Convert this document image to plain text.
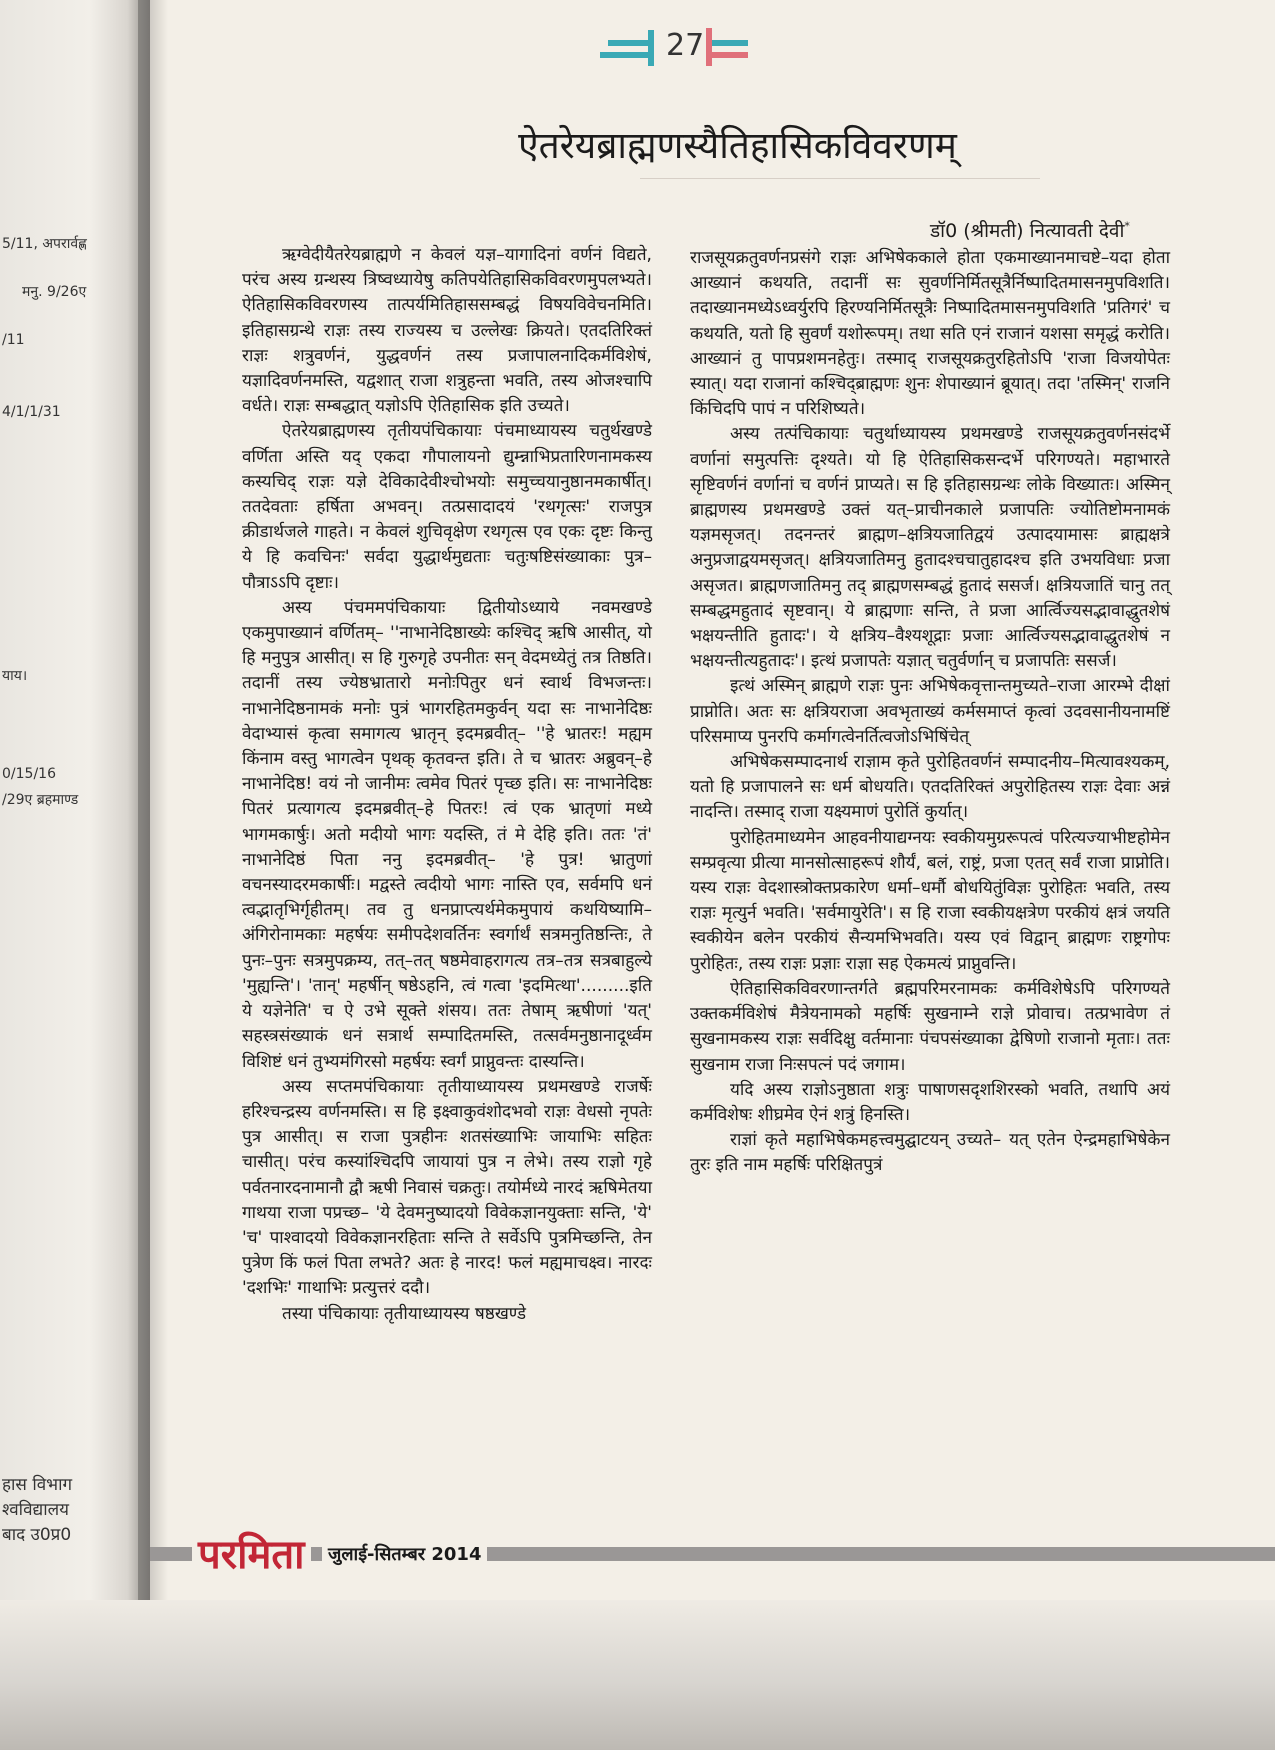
5/11, अपरार्वह्ण
मनु. 9/26ए
/11
4/1/1/31
याय।
0/15/16
/29ए ब्रहमाण्ड
हास विभाग
श्वविद्यालय
बाद उ0प्र0
27
ऐतरेयब्राह्मणस्यैतिहासिकविवरणम्
डॉ0 (श्रीमती) नित्यावती देवी*

ऋग्वेदीयैतरेयब्राह्मणे न केवलं यज्ञ–यागादिनां वर्णनं विद्यते, परंच अस्य ग्रन्थस्य त्रिष्वध्यायेषु कतिपयेतिहासिकविवरणमुपलभ्यते। ऐतिहासिकविवरणस्य तात्पर्यमितिहाससम्बद्धं विषयविवेचनमिति। इतिहासग्रन्थे राज्ञः तस्य राज्यस्य च उल्लेखः क्रियते। एतदतिरिक्तं राज्ञः शत्रुवर्णनं, युद्धवर्णनं तस्य प्रजापालनादिकर्मविशेषं, यज्ञादिवर्णनमस्ति, यद्वशात् राजा शत्रुहन्ता भवति, तस्य ओजश्चापि वर्धते। राज्ञः सम्बद्धात् यज्ञोऽपि ऐतिहासिक इति उच्यते।

ऐतरेयब्राह्मणस्य तृतीयपंचिकायाः पंचमाध्यायस्य चतुर्थखण्डे वर्णिता अस्ति यद् एकदा गौपालायनो द्युम्न्नाभिप्रतारिणनामकस्य कस्यचिद् राज्ञः यज्ञे देविकादेवीश्चोभयोः समुच्चयानुष्ठानमकार्षीत्। ततदेवताः हर्षिता अभवन्। तत्प्रसादादयं 'रथगृत्सः' राजपुत्र क्रीडार्थजले गाहते। न केवलं शुचिवृक्षेण रथगृत्स एव एकः दृष्टः किन्तु ये हि कवचिनः' सर्वदा युद्धार्थमुद्यताः चतुःषष्टिसंख्याकाः पुत्र–पौत्राऽऽपि दृष्टाः।

अस्य पंचममपंचिकायाः द्वितीयोऽध्याये नवमखण्डे एकमुपाख्यानं वर्णितम्– ''नाभानेदिष्ठाख्येः कश्चिद् ऋषि आसीत्, यो हि मनुपुत्र आसीत्। स हि गुरुगृहे उपनीतः सन् वेदमध्येतुं तत्र तिष्ठति। तदानीं तस्य ज्येष्ठभ्रातारो मनोःपितुर धनं स्वार्थ विभजन्तः। नाभानेदिष्ठनामकं मनोः पुत्रं भागरहितमकुर्वन् यदा सः नाभानेदिष्ठः वेदाभ्यासं कृत्वा समागत्य भ्रातृन् इदमब्रवीत्– ''हे भ्रातरः! मह्यम किंनाम वस्तु भागत्वेन पृथक् कृतवन्त इति। ते च भ्रातरः अब्रुवन्–हे नाभानेदिष्ठ! वयं नो जानीमः त्वमेव पितरं पृच्छ इति। सः नाभानेदिष्ठः पितरं प्रत्यागत्य इदमब्रवीत्–हे पितरः! त्वं एक भ्रातृणां मध्ये भागमकार्षुः। अतो मदीयो भागः यदस्ति, तं मे देहि इति। ततः 'तं' नाभानेदिष्ठं पिता ननु इदमब्रवीत्– 'हे पुत्र! भ्रातुणां वचनस्यादरमकार्षीः। मद्वस्ते त्वदीयो भागः नास्ति एव, सर्वमपि धनं त्वद्भातृभिर्गृहीतम्। तव तु धनप्राप्त्यर्थमेकमुपायं कथयिष्यामि– अंगिरोनामकाः महर्षयः समीपदेशवर्तिनः स्वर्गार्थं सत्रमनुतिष्ठन्तिः, ते पुनः–पुनः सत्रमुपक्रम्य, तत्–तत् षष्ठमेवाहरागत्य तत्र–तत्र सत्रबाहुल्ये 'मुह्यन्ति'। 'तान्' महर्षीन् षष्ठेऽहनि, त्वं गत्वा 'इदमित्था'.........इति ये यज्ञेनेति' च ऐ उभे सूक्ते शंसय। ततः तेषाम् ऋषीणां 'यत्' सहस्त्रसंख्याकं धनं सत्रार्थ सम्पादितमस्ति, तत्सर्वमनुष्ठानादूर्ध्वम विशिष्टं धनं तुभ्यमंगिरसो महर्षयः स्वर्गं प्राप्नुवन्तः दास्यन्ति।

अस्य सप्तमपंचिकायाः तृतीयाध्यायस्य प्रथमखण्डे राजर्षेः हरिश्चन्द्रस्य वर्णनमस्ति। स हि इक्ष्वाकुवंशोदभवो राज्ञः वेधसो नृपतेः पुत्र आसीत्। स राजा पुत्रहीनः शतसंख्याभिः जायाभिः सहितः चासीत्। परंच कस्यांश्चिदपि जायायां पुत्र न लेभे। तस्य राज्ञो गृहे पर्वतनारदनामानौ द्वौ ऋषी निवासं चक्रतुः। तयोर्मध्ये नारदं ऋषिमेतया गाथया राजा पप्रच्छ– 'ये देवमनुष्यादयो विवेकज्ञानयुक्ताः सन्ति, 'ये' 'च' पाश्वादयो विवेकज्ञानरहिताः सन्ति ते सर्वेऽपि पुत्रमिच्छन्ति, तेन पुत्रेण किं फलं पिता लभते? अतः हे नारद! फलं मह्यमाचक्ष्व। नारदः 'दशभिः' गाथाभिः प्रत्युत्तरं ददौ।

तस्या पंचिकायाः तृतीयाध्यायस्य षष्ठखण्डे

राजसूयक्रतुवर्णनप्रसंगे राज्ञः अभिषेककाले होता एकमाख्यानमाचष्टे–यदा होता आख्यानं कथयति, तदानीं सः सुवर्णनिर्मितसूत्रैर्निष्पादितमासनमुपविशति। तदाख्यानमध्येऽध्वर्युरपि हिरण्यनिर्मितसूत्रैः निष्पादितमासनमुपविशति 'प्रतिगरं' च कथयति, यतो हि सुवर्णं यशोरूपम्। तथा सति एनं राजानं यशसा समृद्धं करोति। आख्यानं तु पापप्रशमनहेतुः। तस्माद् राजसूयक्रतुरहितोऽपि 'राजा विजयोपेतः स्यात्। यदा राजानां कश्चिद्ब्राह्मणः शुनः शेपाख्यानं ब्रूयात्। तदा 'तस्मिन्' राजनि किंचिदपि पापं न परिशिष्यते।

अस्य तत्पंचिकायाः चतुर्थाध्यायस्य प्रथमखण्डे राजसूयक्रतुवर्णनसंदर्भे वर्णानां समुत्पत्तिः दृश्यते। यो हि ऐतिहासिकसन्दर्भे परिगण्यते। महाभारते सृष्टिवर्णनं वर्णानां च वर्णनं प्राप्यते। स हि इतिहासग्रन्थः लोके विख्यातः। अस्मिन् ब्राह्मणस्य प्रथमखण्डे उक्तं यत्–प्राचीनकाले प्रजापतिः ज्योतिष्टोमनामकं यज्ञमसृजत्। तदनन्तरं ब्राह्मण–क्षत्रियजातिद्वयं उत्पादयामासः ब्राह्मक्षत्रे अनुप्रजाद्वयमसृजत्। क्षत्रियजातिमनु हुतादश्चचातुहादश्च इति उभयविधाः प्रजा असृजत। ब्राह्मणजातिमनु तद् ब्राह्मणसम्बद्धं हुतादं ससर्ज। क्षत्रियजातिं चानु तत् सम्बद्धमहुतादं सृष्टवान्। ये ब्राह्मणाः सन्ति, ते प्रजा आर्त्विज्यसद्भावाद्धुतशेषं भक्षयन्तीति हुतादः'। ये क्षत्रिय–वैश्यशूद्राः प्रजाः आर्त्विज्यसद्भावाद्धुतशेषं न भक्षयन्तीत्यहुतादः'। इत्थं प्रजापतेः यज्ञात् चतुर्वर्णान् च प्रजापतिः ससर्ज।

इत्थं अस्मिन् ब्राह्मणे राज्ञः पुनः अभिषेकवृत्तान्तमुच्यते–राजा आरम्भे दीक्षां प्राप्नोति। अतः सः क्षत्रियराजा अवभृताख्यं कर्मसमाप्तं कृत्वां उदवसानीयनामष्टिं परिसमाप्य पुनरपि कर्मागत्वेनर्तित्वजोऽभिषिंचेत्

अभिषेकसम्पादनार्थ राज्ञाम कृते पुरोहितवर्णनं सम्पादनीय–मित्यावश्यकम्, यतो हि प्रजापालने सः धर्म बोधयति। एतदतिरिक्तं अपुरोहितस्य राज्ञः देवाः अन्नं नादन्ति। तस्माद् राजा यक्ष्यमाणं पुरोतिं कुर्यात्।

पुरोहितमाध्यमेन आहवनीयाद्यग्नयः स्वकीयमुग्ररूपत्वं परित्यज्याभीष्टहोमेन सम्प्रवृत्या प्रीत्या मानसोत्साहरूपं शौर्यं, बलं, राष्ट्रं, प्रजा एतत् सर्वं राजा प्राप्नोति। यस्य राज्ञः वेदशास्त्रोक्तप्रकारेण धर्मा–धर्मौ बोधयितुंविज्ञः पुरोहितः भवति, तस्य राज्ञः मृत्युर्न भवति। 'सर्वमायुरेति'। स हि राजा स्वकीयक्षत्रेण परकीयं क्षत्रं जयति स्वकीयेन बलेन परकीयं सैन्यमभिभवति। यस्य एवं विद्वान् ब्राह्मणः राष्ट्रगोपः पुरोहितः, तस्य राज्ञः प्रज्ञाः राज्ञा सह ऐकमत्यं प्राप्नुवन्ति।

ऐतिहासिकविवरणान्तर्गते ब्रह्मपरिमरनामकः कर्मविशेषेऽपि परिगण्यते उक्तकर्मविशेषं मैत्रेयनामको महर्षिः सुखनाम्ने राज्ञे प्रोवाच। तत्प्रभावेण तं सुखनामकस्य राज्ञः सर्वदिक्षु वर्तमानाः पंचपसंख्याका द्वेषिणो राजानो मृताः। ततः सुखनाम राजा निःसपत्नं पदं जगाम।

यदि अस्य राज्ञोऽनुष्ठाता शत्रुः पाषाणसदृशशिरस्को भवति, तथापि अयं कर्मविशेषः शीघ्रमेव ऐनं शत्रुं हिनस्ति।

राज्ञां कृते महाभिषेकमहत्त्वमुद्घाटयन् उच्यते– यत् एतेन ऐन्द्रमहाभिषेकेन तुरः इति नाम महर्षिः परिक्षितपुत्रं

परमिता	जुलाई-सितम्बर 2014
